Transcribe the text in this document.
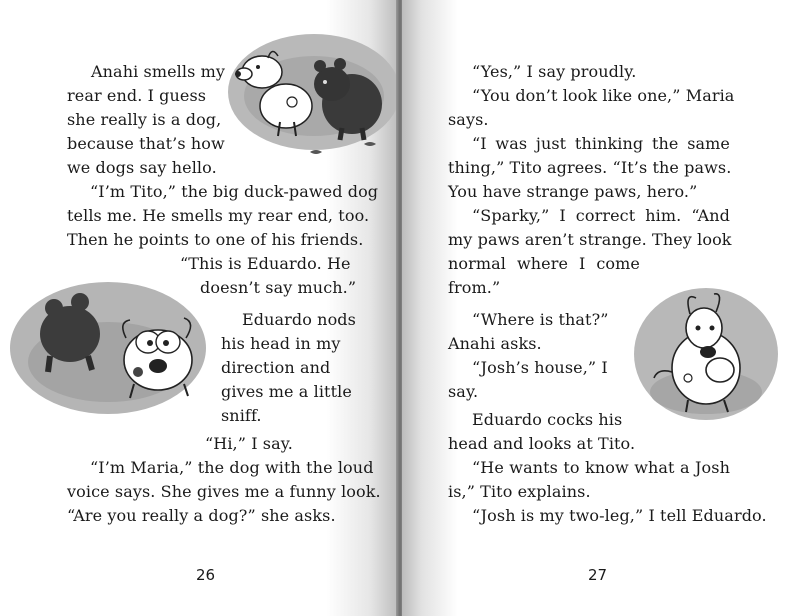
Anahi smells my

rear end. I guess

she really is a dog,

because that’s how

we dogs say hello.

“I’m Tito,” the big duck-pawed dog

tells me. He smells my rear end, too.

Then he points to one of his friends.

“This is Eduardo. He

doesn’t say much.”

Eduardo nods

his head in my

direction and

gives me a little

sniff.

“Hi,” I say.

“I’m Maria,” the dog with the loud

voice says. She gives me a funny look.

“Are you really a dog?” she asks.

26

“Yes,” I say proudly.

“You don’t look like one,” Maria

says.

“I was just thinking the same

thing,” Tito agrees. “It’s the paws.

You have strange paws, hero.”

“Sparky,” I correct him. “And

my paws aren’t strange. They look

normal where I come

from.”

“Where is that?”

Anahi asks.

“Josh’s house,” I

say.

Eduardo cocks his

head and looks at Tito.

“He wants to know what a Josh

is,” Tito explains.

“Josh is my two-leg,” I tell Eduardo.

27
